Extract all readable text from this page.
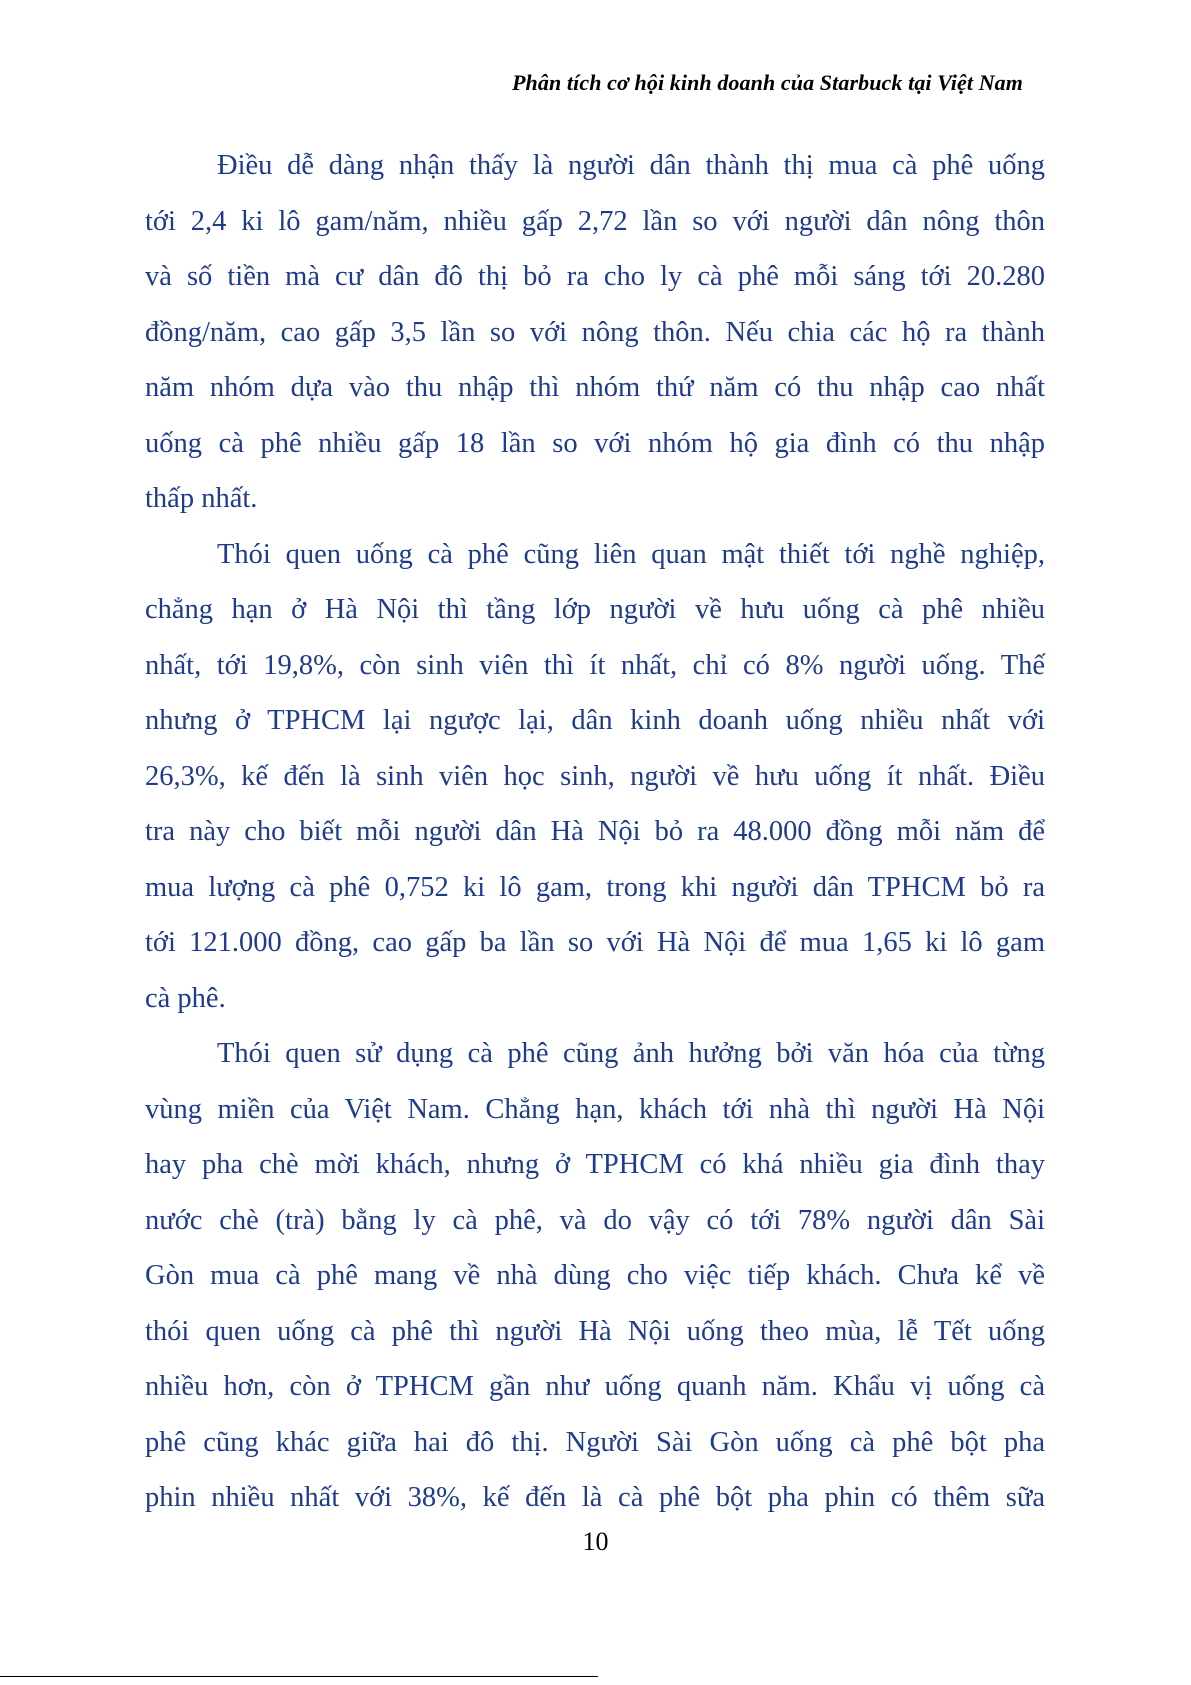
Phân tích cơ hội kinh doanh của Starbuck tại Việt Nam
Điều dễ dàng nhận thấy là người dân thành thị mua cà phê uống
tới 2,4 ki lô gam/năm, nhiều gấp 2,72 lần so với người dân nông thôn
và số tiền mà cư dân đô thị bỏ ra cho ly cà phê mỗi sáng tới 20.280
đồng/năm, cao gấp 3,5 lần so với nông thôn. Nếu chia các hộ ra thành
năm nhóm dựa vào thu nhập thì nhóm thứ năm có thu nhập cao nhất
uống cà phê nhiều gấp 18 lần so với nhóm hộ gia đình có thu nhập
thấp nhất.
Thói quen uống cà phê cũng liên quan mật thiết tới nghề nghiệp,
chẳng hạn ở Hà Nội thì tầng lớp người về hưu uống cà phê nhiều
nhất, tới 19,8%, còn sinh viên thì ít nhất, chỉ có 8% người uống. Thế
nhưng ở TPHCM lại ngược lại, dân kinh doanh uống nhiều nhất với
26,3%, kế đến là sinh viên học sinh, người về hưu uống ít nhất. Điều
tra này cho biết mỗi người dân Hà Nội bỏ ra 48.000 đồng mỗi năm để
mua lượng cà phê 0,752 ki lô gam, trong khi người dân TPHCM bỏ ra
tới 121.000 đồng, cao gấp ba lần so với Hà Nội để mua 1,65 ki lô gam
cà phê.
Thói quen sử dụng cà phê cũng ảnh hưởng bởi văn hóa của từng
vùng miền của Việt Nam. Chẳng hạn, khách tới nhà thì người Hà Nội
hay pha chè mời khách, nhưng ở TPHCM có khá nhiều gia đình thay
nước chè (trà) bằng ly cà phê, và do vậy có tới 78% người dân Sài
Gòn mua cà phê mang về nhà dùng cho việc tiếp khách. Chưa kể về
thói quen uống cà phê thì người Hà Nội uống theo mùa, lễ Tết uống
nhiều hơn, còn ở TPHCM gần như uống quanh năm. Khẩu vị uống cà
phê cũng khác giữa hai đô thị. Người Sài Gòn uống cà phê bột pha
phin nhiều nhất với 38%, kế đến là cà phê bột pha phin có thêm sữa
10
